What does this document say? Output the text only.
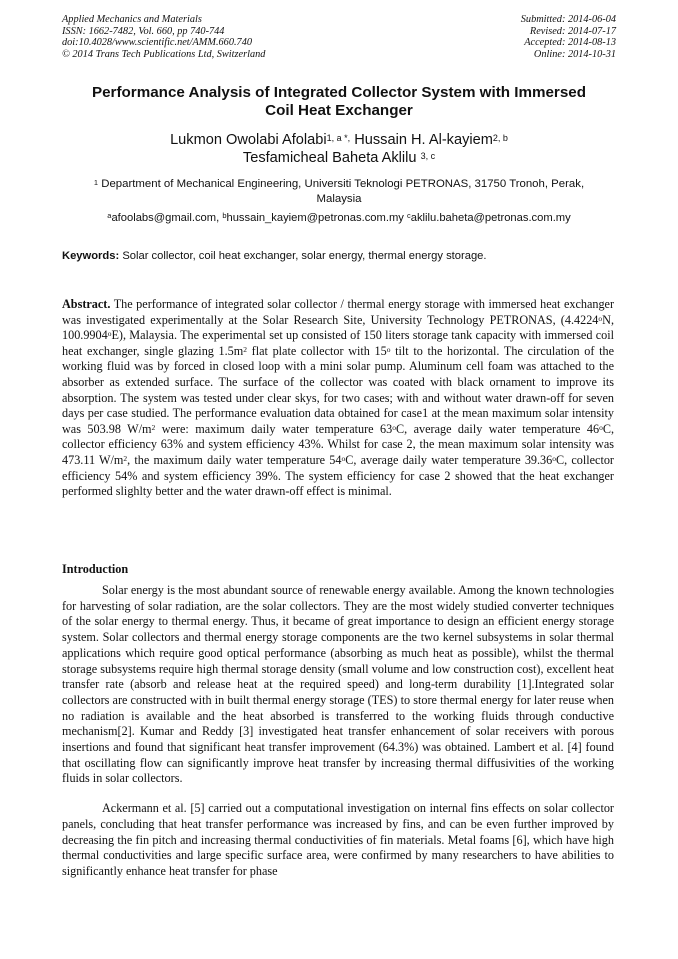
Applied Mechanics and Materials
ISSN: 1662-7482, Vol. 660, pp 740-744
doi:10.4028/www.scientific.net/AMM.660.740
© 2014 Trans Tech Publications Ltd, Switzerland
Submitted: 2014-06-04
Revised: 2014-07-17
Accepted: 2014-08-13
Online: 2014-10-31
Performance Analysis of Integrated Collector System with Immersed
Coil Heat Exchanger
Lukmon Owolabi Afolabi$^{1, a *,}$ Hussain H. Al-kayiem$^{2, b}$
Tesfamicheal Baheta Aklilu $^{3, c}$
$^1$ Department of Mechanical Engineering, Universiti Teknologi PETRONAS, 31750 Tronoh, Perak,
Malaysia
$^a$afoolabs@gmail.com, $^b$hussain_kayiem@petronas.com.my $^c$aklilu.baheta@petronas.com.my
Keywords: Solar collector, coil heat exchanger, solar energy, thermal energy storage.

Abstract. The performance of integrated solar collector / thermal energy storage with immersed heat exchanger was investigated experimentally at the Solar Research Site, University Technology PETRONAS, (4.4224$^o$N, 100.9904$^o$E), Malaysia. The experimental set up consisted of 150 liters storage tank capacity with immersed coil heat exchanger, single glazing $1.5m^2$ flat plate collector with 15$^o$ tilt to the horizontal. The circulation of the working fluid was by forced in closed loop with a mini solar pump. Aluminum cell foam was attached to the absorber as extended surface. The surface of the collector was coated with black ornament to improve its absorption. The system was tested under clear skys, for two cases; with and without water drawn-off for seven days per case studied. The performance evaluation data obtained for case1 at the mean maximum solar intensity was 503.98 $W/m^2$ were: maximum daily water temperature 63$^o$C, average daily water temperature 46$^o$C, collector efficiency 63% and system efficiency 43%. Whilst for case 2, the mean maximum solar intensity was 473.11 $W/m^2$, the maximum daily water temperature 54$^o$C, average daily water temperature 39.36$^o$C, collector efficiency 54% and system efficiency 39%. The system efficiency for case 2 showed that the heat exchanger performed slighlty better and the water drawn-off effect is minimal.

Introduction

Solar energy is the most abundant source of renewable energy available. Among the known technologies for harvesting of solar radiation, are the solar collectors. They are the most widely studied converter techniques of the solar energy to thermal energy. Thus, it became of great importance to design an efficient energy storage system. Solar collectors and thermal energy storage components are the two kernel subsystems in solar thermal applications which require good optical performance (absorbing as much heat as possible), whilst the thermal storage subsystems require high thermal storage density (small volume and low construction cost), excellent heat transfer rate (absorb and release heat at the required speed) and long-term durability [1].Integrated solar collectors are constructed with in built thermal energy storage (TES) to store thermal energy for later reuse when no radiation is available and the heat absorbed is transferred to the working fluids through conductive mechanism[2]. Kumar and Reddy [3] investigated heat transfer enhancement of solar receivers with porous insertions and found that significant heat transfer improvement (64.3%) was obtained. Lambert et al. [4] found that oscillating flow can significantly improve heat transfer by increasing thermal diffusivities of the working fluids in solar collectors.

Ackermann et al. [5] carried out a computational investigation on internal fins effects on solar collector panels, concluding that heat transfer performance was increased by fins, and can be even further improved by decreasing the fin pitch and increasing thermal conductivities of fin materials. Metal foams [6], which have high thermal conductivities and large specific surface area, were confirmed by many researchers to have abilities to significantly enhance heat transfer for phase
